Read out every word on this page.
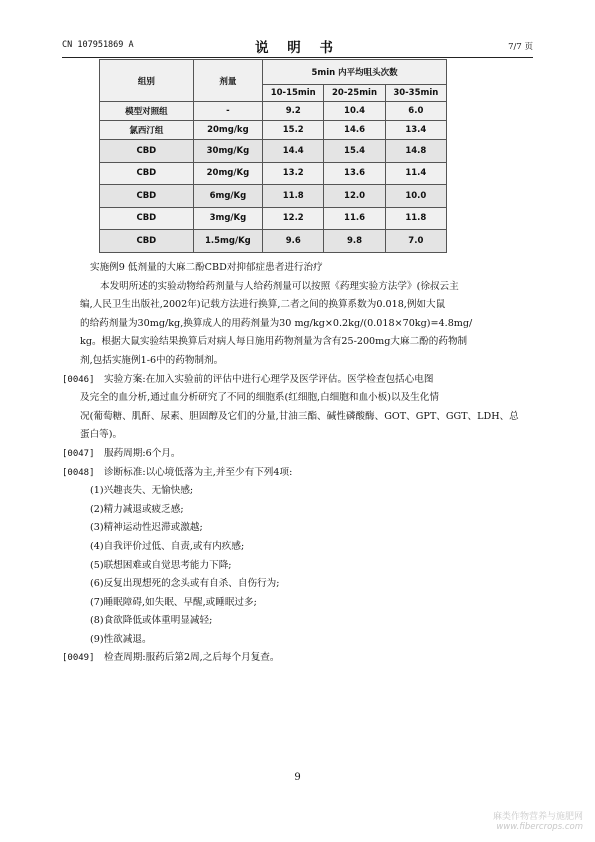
CN 107951869 A	说 明 书	7/7 页
组别	剂量	5min 内平均咀头次数		
		10-15min	20-25min	30-35min
模型对照组	-	9.2	10.4	6.0
氯西汀组	20mg/kg	15.2	14.6	13.4
CBD	30mg/Kg	14.4	15.4	14.8
CBD	20mg/Kg	13.2	13.6	11.4
CBD	6mg/Kg	11.8	12.0	10.0
CBD	3mg/Kg	12.2	11.6	11.8
CBD	1.5mg/Kg	9.6	9.8	7.0

实施例9 低剂量的大麻二酚CBD对抑郁症患者进行治疗

本发明所述的实验动物给药剂量与人给药剂量可以按照《药理实验方法学》(徐叔云主

编,人民卫生出版社,2002年)记载方法进行换算,二者之间的换算系数为0.018,例如大鼠

的给药剂量为30mg/kg,换算成人的用药剂量为30 mg/kg×0.2kg/(0.018×70kg)=4.8mg/

kg。根据大鼠实验结果换算后对病人每日施用药物剂量为含有25-200mg大麻二酚的药物制

剂,包括实施例1-6中的药物制剂。

[0046] 实验方案:在加入实验前的评估中进行心理学及医学评估。医学检查包括心电图

及完全的血分析,通过血分析研究了不同的细胞系(红细胞,白细胞和血小板)以及生化情

况(葡萄糖、肌酐、尿素、胆固醇及它们的分量,甘油三酯、碱性磷酸酶、GOT、GPT、GGT、LDH、总

蛋白等)。

[0047] 服药周期:6个月。

[0048] 诊断标准:以心境低落为主,并至少有下列4项:

(1)兴趣丧失、无愉快感;

(2)精力减退或疲乏感;

(3)精神运动性迟滞或激越;

(4)自我评价过低、自责,或有内疚感;

(5)联想困难或自觉思考能力下降;

(6)反复出现想死的念头或有自杀、自伤行为;

(7)睡眠障碍,如失眠、早醒,或睡眠过多;

(8)食欲降低或体重明显减轻;

(9)性欲减退。

[0049] 检查周期:服药后第2周,之后每个月复查。

9
麻类作物营养与施肥网
www.fibercrops.com
